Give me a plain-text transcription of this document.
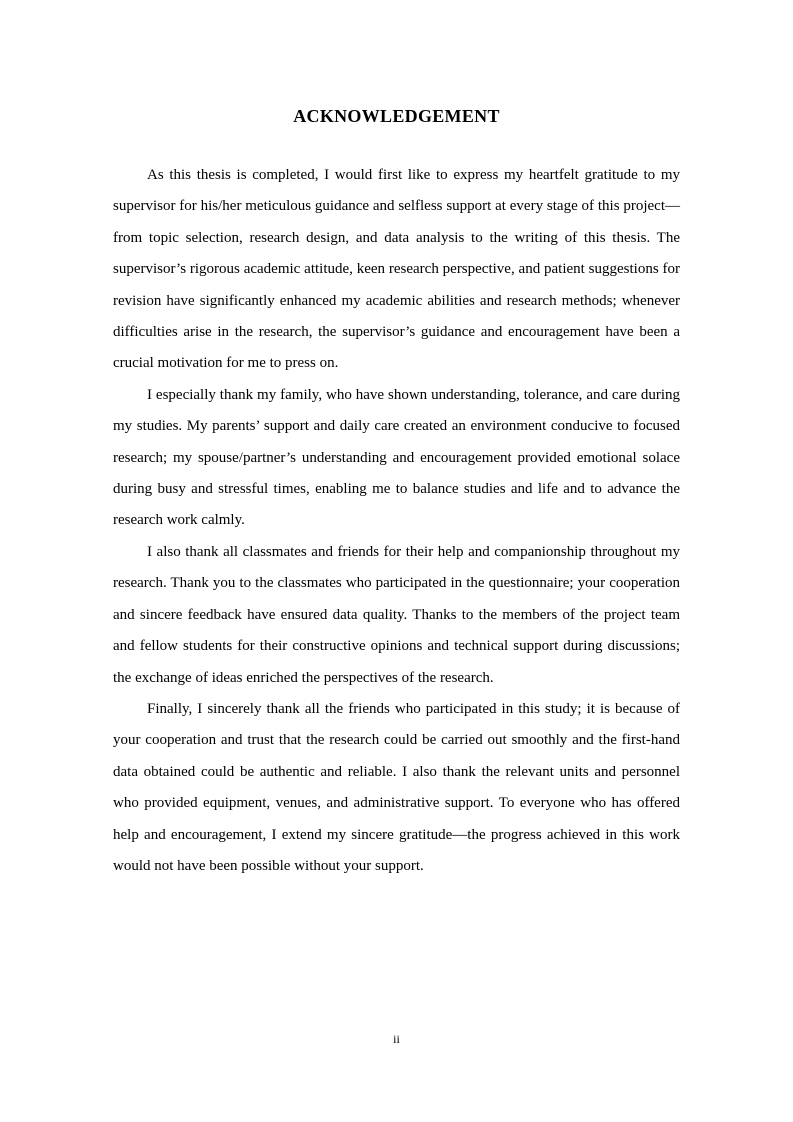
ACKNOWLEDGEMENT

As this thesis is completed, I would first like to express my heartfelt gratitude to my supervisor for his/her meticulous guidance and selfless support at every stage of this project—from topic selection, research design, and data analysis to the writing of this thesis. The supervisor’s rigorous academic attitude, keen research perspective, and patient suggestions for revision have significantly enhanced my academic abilities and research methods; whenever difficulties arise in the research, the supervisor’s guidance and encouragement have been a crucial motivation for me to press on.

I especially thank my family, who have shown understanding, tolerance, and care during my studies. My parents’ support and daily care created an environment conducive to focused research; my spouse/partner’s understanding and encouragement provided emotional solace during busy and stressful times, enabling me to balance studies and life and to advance the research work calmly.

I also thank all classmates and friends for their help and companionship throughout my research. Thank you to the classmates who participated in the questionnaire; your cooperation and sincere feedback have ensured data quality. Thanks to the members of the project team and fellow students for their constructive opinions and technical support during discussions; the exchange of ideas enriched the perspectives of the research.

Finally, I sincerely thank all the friends who participated in this study; it is because of your cooperation and trust that the research could be carried out smoothly and the first-hand data obtained could be authentic and reliable. I also thank the relevant units and personnel who provided equipment, venues, and administrative support. To everyone who has offered help and encouragement, I extend my sincere gratitude—the progress achieved in this work would not have been possible without your support.

ii
